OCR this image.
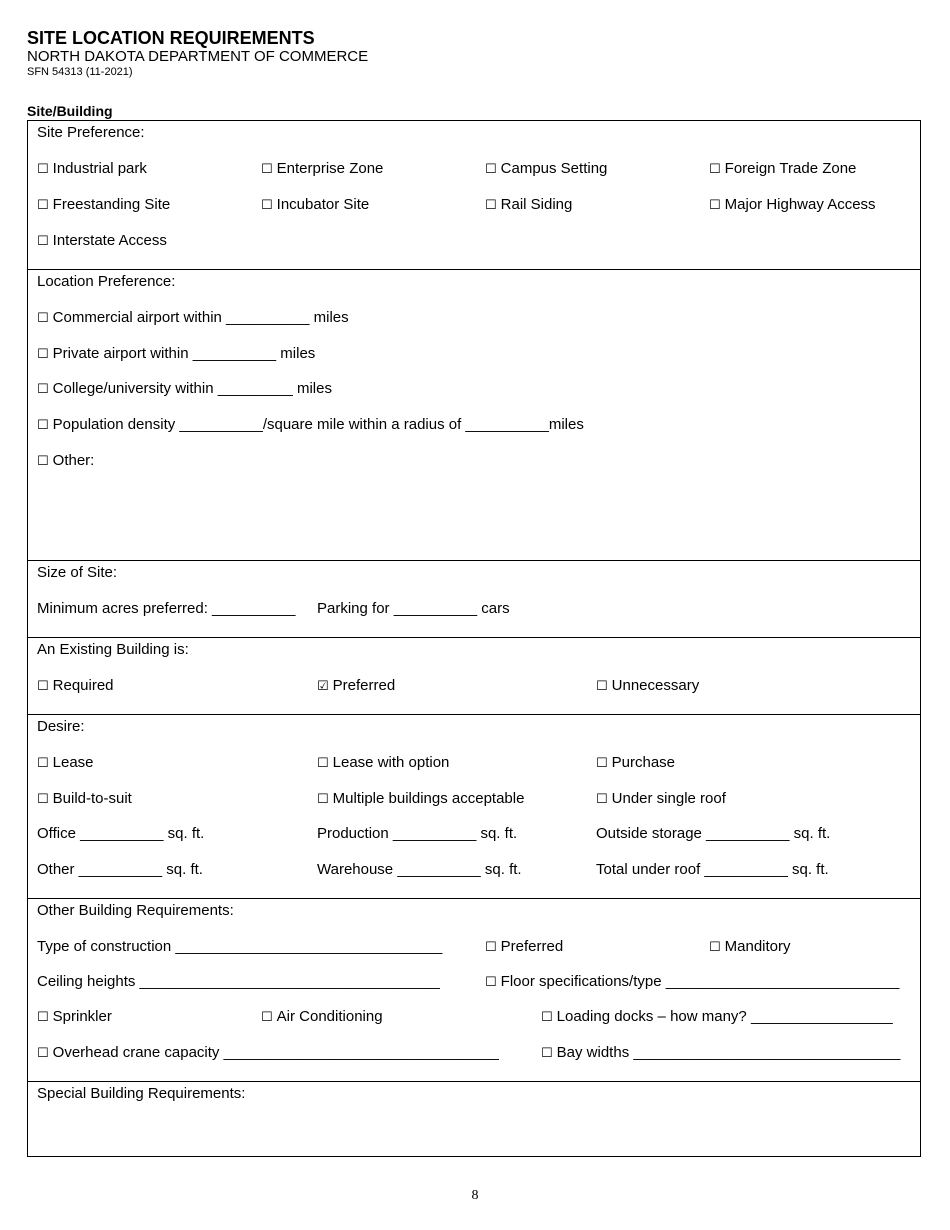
SITE LOCATION REQUIREMENTS
NORTH DAKOTA DEPARTMENT OF COMMERCE
SFN 54313 (11-2021)
Site/Building
Site Preference:
☐ Industrial park	☐ Enterprise Zone	☐ Campus Setting	☐ Foreign Trade Zone
☐ Freestanding Site	☐ Incubator Site	☐ Rail Siding	☐ Major Highway Access
☐ Interstate Access
Location Preference:
☐ Commercial airport within __________ miles
☐ Private airport within __________ miles
☐ College/university within _________ miles
☐ Population density __________/square mile within a radius of __________miles
☐ Other:
Size of Site:
Minimum acres preferred: __________ Parking for __________ cars
An Existing Building is:
☐ Required	☑ Preferred	☐ Unnecessary
Desire:
☐ Lease	☐ Lease with option	☐ Purchase
☐ Build-to-suit	☐ Multiple buildings acceptable	☐ Under single roof
Office __________ sq. ft.	Production __________ sq. ft.	Outside storage __________ sq. ft.
Other __________ sq. ft.	Warehouse __________ sq. ft.	Total under roof __________ sq. ft.
Other Building Requirements:
Type of construction ________________________________	☐ Preferred	☐ Manditory
Ceiling heights ____________________________________	☐ Floor specifications/type ____________________________
☐ Sprinkler	☐ Air Conditioning	☐ Loading docks – how many? _________________
☐ Overhead crane capacity _________________________________	☐ Bay widths ________________________________
Special Building Requirements:
8
